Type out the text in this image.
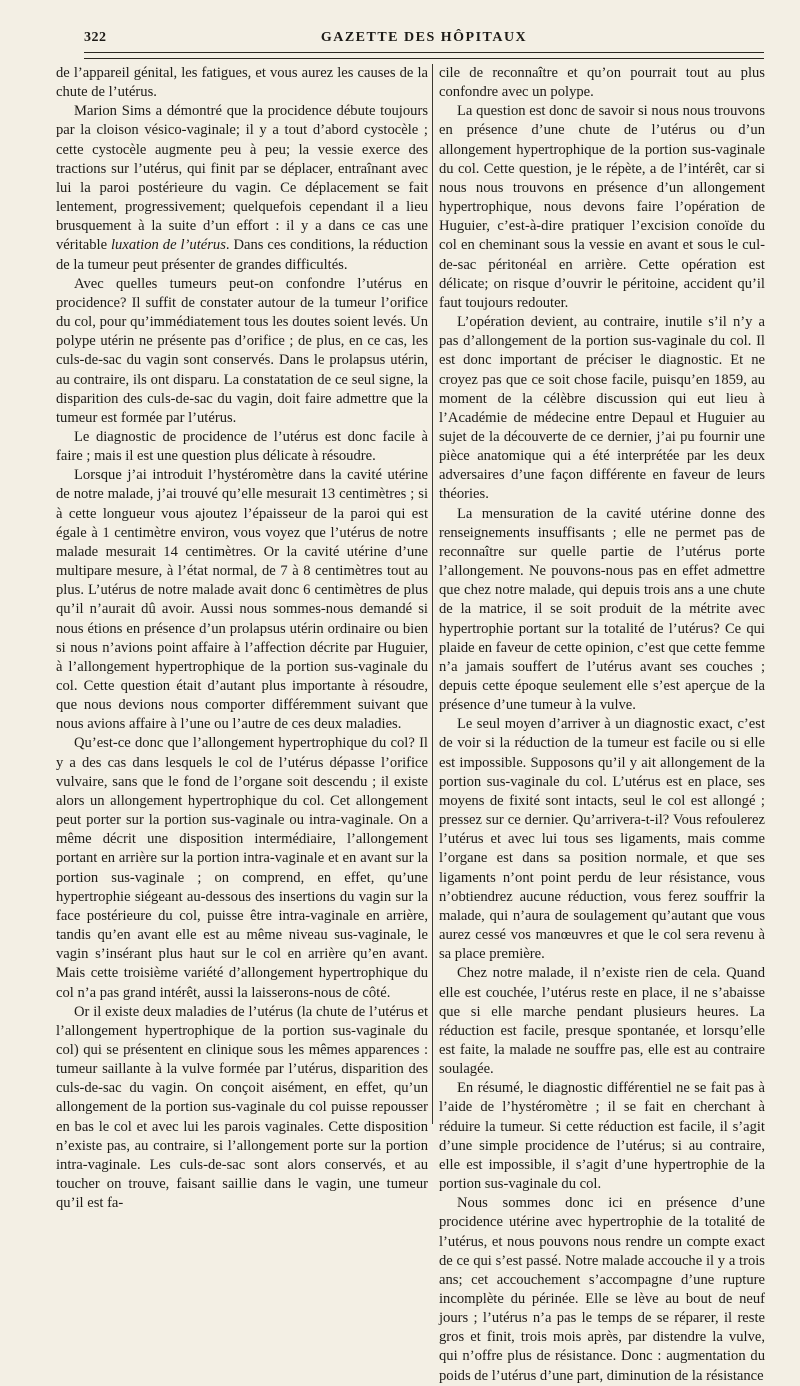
322	GAZETTE DES HÔPITAUX

de l’appareil génital, les fatigues, et vous aurez les causes de la chute de l’utérus.

Marion Sims a démontré que la procidence débute toujours par la cloison vésico-vaginale; il y a tout d’abord cystocèle ; cette cystocèle augmente peu à peu; la vessie exerce des tractions sur l’utérus, qui finit par se déplacer, entraînant avec lui la paroi postérieure du vagin. Ce déplacement se fait lentement, progressivement; quelquefois cependant il a lieu brusquement à la suite d’un effort : il y a dans ce cas une véritable luxation de l’utérus. Dans ces conditions, la réduction de la tumeur peut présenter de grandes difficultés.

Avec quelles tumeurs peut-on confondre l’utérus en procidence? Il suffit de constater autour de la tumeur l’orifice du col, pour qu’immédiatement tous les doutes soient levés. Un polype utérin ne présente pas d’orifice ; de plus, en ce cas, les culs-de-sac du vagin sont conservés. Dans le prolapsus utérin, au contraire, ils ont disparu. La constatation de ce seul signe, la disparition des culs-de-sac du vagin, doit faire admettre que la tumeur est formée par l’utérus.

Le diagnostic de procidence de l’utérus est donc facile à faire ; mais il est une question plus délicate à résoudre.

Lorsque j’ai introduit l’hystéromètre dans la cavité utérine de notre malade, j’ai trouvé qu’elle mesurait 13 centimètres ; si à cette longueur vous ajoutez l’épaisseur de la paroi qui est égale à 1 centimètre environ, vous voyez que l’utérus de notre malade mesurait 14 centimètres. Or la cavité utérine d’une multipare mesure, à l’état normal, de 7 à 8 centimètres tout au plus. L’utérus de notre malade avait donc 6 centimètres de plus qu’il n’aurait dû avoir. Aussi nous sommes-nous demandé si nous étions en présence d’un prolapsus utérin ordinaire ou bien si nous n’avions point affaire à l’affection décrite par Huguier, à l’allongement hypertrophique de la portion sus-vaginale du col. Cette question était d’autant plus importante à résoudre, que nous devions nous comporter différemment suivant que nous avions affaire à l’une ou l’autre de ces deux maladies.

Qu’est-ce donc que l’allongement hypertrophique du col? Il y a des cas dans lesquels le col de l’utérus dépasse l’orifice vulvaire, sans que le fond de l’organe soit descendu ; il existe alors un allongement hypertrophique du col. Cet allongement peut porter sur la portion sus-vaginale ou intra-vaginale. On a même décrit une disposition intermédiaire, l’allongement portant en arrière sur la portion intra-vaginale et en avant sur la portion sus-vaginale ; on comprend, en effet, qu’une hypertrophie siégeant au-dessous des insertions du vagin sur la face postérieure du col, puisse être intra-vaginale en arrière, tandis qu’en avant elle est au même niveau sus-vaginale, le vagin s’insérant plus haut sur le col en arrière qu’en avant. Mais cette troisième variété d’allongement hypertrophique du col n’a pas grand intérêt, aussi la laisserons-nous de côté.

Or il existe deux maladies de l’utérus (la chute de l’utérus et l’allongement hypertrophique de la portion sus-vaginale du col) qui se présentent en clinique sous les mêmes apparences : tumeur saillante à la vulve formée par l’utérus, disparition des culs-de-sac du vagin. On conçoit aisément, en effet, qu’un allongement de la portion sus-vaginale du col puisse repousser en bas le col et avec lui les parois vaginales. Cette disposition n’existe pas, au contraire, si l’allongement porte sur la portion intra-vaginale. Les culs-de-sac sont alors conservés, et au toucher on trouve, faisant saillie dans le vagin, une tumeur qu’il est fa-

cile de reconnaître et qu’on pourrait tout au plus confondre avec un polype.

La question est donc de savoir si nous nous trouvons en présence d’une chute de l’utérus ou d’un allongement hypertrophique de la portion sus-vaginale du col. Cette question, je le répète, a de l’intérêt, car si nous nous trouvons en présence d’un allongement hypertrophique, nous devons faire l’opération de Huguier, c’est-à-dire pratiquer l’excision conoïde du col en cheminant sous la vessie en avant et sous le cul-de-sac péritonéal en arrière. Cette opération est délicate; on risque d’ouvrir le péritoine, accident qu’il faut toujours redouter.

L’opération devient, au contraire, inutile s’il n’y a pas d’allongement de la portion sus-vaginale du col. Il est donc important de préciser le diagnostic. Et ne croyez pas que ce soit chose facile, puisqu’en 1859, au moment de la célèbre discussion qui eut lieu à l’Académie de médecine entre Depaul et Huguier au sujet de la découverte de ce dernier, j’ai pu fournir une pièce anatomique qui a été interprétée par les deux adversaires d’une façon différente en faveur de leurs théories.

La mensuration de la cavité utérine donne des renseignements insuffisants ; elle ne permet pas de reconnaître sur quelle partie de l’utérus porte l’allongement. Ne pouvons-nous pas en effet admettre que chez notre malade, qui depuis trois ans a une chute de la matrice, il se soit produit de la métrite avec hypertrophie portant sur la totalité de l’utérus? Ce qui plaide en faveur de cette opinion, c’est que cette femme n’a jamais souffert de l’utérus avant ses couches ; depuis cette époque seulement elle s’est aperçue de la présence d’une tumeur à la vulve.

Le seul moyen d’arriver à un diagnostic exact, c’est de voir si la réduction de la tumeur est facile ou si elle est impossible. Supposons qu’il y ait allongement de la portion sus-vaginale du col. L’utérus est en place, ses moyens de fixité sont intacts, seul le col est allongé ; pressez sur ce dernier. Qu’arrivera-t-il? Vous refoulerez l’utérus et avec lui tous ses ligaments, mais comme l’organe est dans sa position normale, et que ses ligaments n’ont point perdu de leur résistance, vous n’obtiendrez aucune réduction, vous ferez souffrir la malade, qui n’aura de soulagement qu’autant que vous aurez cessé vos manœuvres et que le col sera revenu à sa place première.

Chez notre malade, il n’existe rien de cela. Quand elle est couchée, l’utérus reste en place, il ne s’abaisse que si elle marche pendant plusieurs heures. La réduction est facile, presque spontanée, et lorsqu’elle est faite, la malade ne souffre pas, elle est au contraire soulagée.

En résumé, le diagnostic différentiel ne se fait pas à l’aide de l’hystéromètre ; il se fait en cherchant à réduire la tumeur. Si cette réduction est facile, il s’agit d’une simple procidence de l’utérus; si au contraire, elle est impossible, il s’agit d’une hypertrophie de la portion sus-vaginale du col.

Nous sommes donc ici en présence d’une procidence utérine avec hypertrophie de la totalité de l’utérus, et nous pouvons nous rendre un compte exact de ce qui s’est passé. Notre malade accouche il y a trois ans; cet accouchement s’accompagne d’une rupture incomplète du périnée. Elle se lève au bout de neuf jours ; l’utérus n’a pas le temps de se réparer, il reste gros et finit, trois mois après, par distendre la vulve, qui n’offre plus de résistance. Donc : augmentation du poids de l’utérus d’une part, diminution de la résistance
